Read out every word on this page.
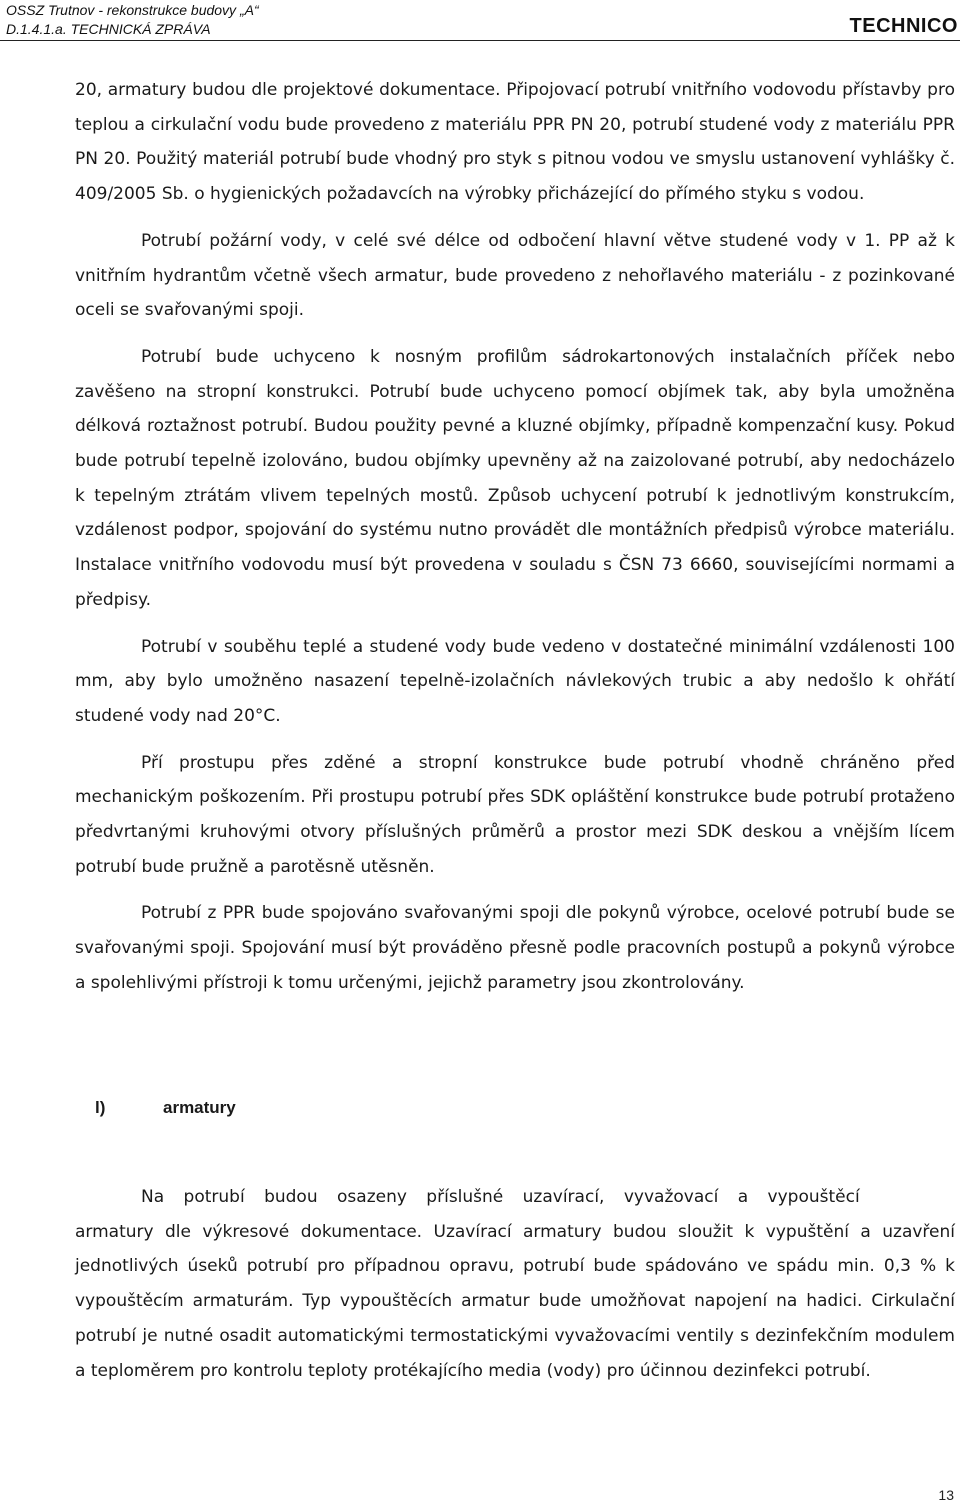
OSSZ Trutnov - rekonstrukce budovy „A“
D.1.4.1.a. TECHNICKÁ ZPRÁVA	TECHNICO

20, armatury budou dle projektové dokumentace. Připojovací potrubí vnitřního vodovodu přístavby pro teplou a cirkulační vodu bude provedeno z materiálu PPR PN 20, potrubí studené vody z materiálu PPR PN 20. Použitý materiál potrubí bude vhodný pro styk s pitnou vodou ve smyslu ustanovení vyhlášky č. 409/2005 Sb. o hygienických požadavcích na výrobky přicházející do přímého styku s vodou.

Potrubí požární vody, v celé své délce od odbočení hlavní větve studené vody v 1. PP až k vnitřním hydrantům včetně všech armatur, bude provedeno z nehořlavého materiálu - z pozinkované oceli se svařovanými spoji.

Potrubí bude uchyceno k nosným profilům sádrokartonových instalačních příček nebo zavěšeno na stropní konstrukci. Potrubí bude uchyceno pomocí objímek tak, aby byla umožněna délková roztažnost potrubí. Budou použity pevné a kluzné objímky, případně kompenzační kusy. Pokud bude potrubí tepelně izolováno, budou objímky upevněny až na zaizolované potrubí, aby nedocházelo k tepelným ztrátám vlivem tepelných mostů. Způsob uchycení potrubí k jednotlivým konstrukcím, vzdálenost podpor, spojování do systému nutno provádět dle montážních předpisů výrobce materiálu. Instalace vnitřního vodovodu musí být provedena v souladu s ČSN 73 6660, souvisejícími normami a předpisy.

Potrubí v souběhu teplé a studené vody bude vedeno v dostatečné minimální vzdálenosti 100 mm, aby bylo umožněno nasazení tepelně-izolačních návlekových trubic a aby nedošlo k ohřátí studené vody nad 20°C.

Pří prostupu přes zděné a stropní konstrukce bude potrubí vhodně chráněno před mechanickým poškozením. Při prostupu potrubí přes SDK opláštění konstrukce bude potrubí protaženo předvrtanými kruhovými otvory příslušných průměrů a prostor mezi SDK deskou a vnějším lícem potrubí bude pružně a parotěsně utěsněn.

Potrubí z PPR bude spojováno svařovanými spoji dle pokynů výrobce, ocelové potrubí bude se svařovanými spoji. Spojování musí být prováděno přesně podle pracovních postupů a pokynů výrobce a spolehlivými přístroji k tomu určenými, jejichž parametry jsou zkontrolovány.

l)	armatury

Na potrubí budou osazeny příslušné uzavírací, vyvažovací a vypouštěcí

armatury dle výkresové dokumentace. Uzavírací armatury budou sloužit k vypuštění a uzavření jednotlivých úseků potrubí pro případnou opravu, potrubí bude spádováno ve spádu min. 0,3 % k vypouštěcím armaturám. Typ vypouštěcích armatur bude umožňovat napojení na hadici. Cirkulační potrubí je nutné osadit automatickými termostatickými vyvažovacími ventily s dezinfekčním modulem a teploměrem pro kontrolu teploty protékajícího media (vody) pro účinnou dezinfekci potrubí.

13
